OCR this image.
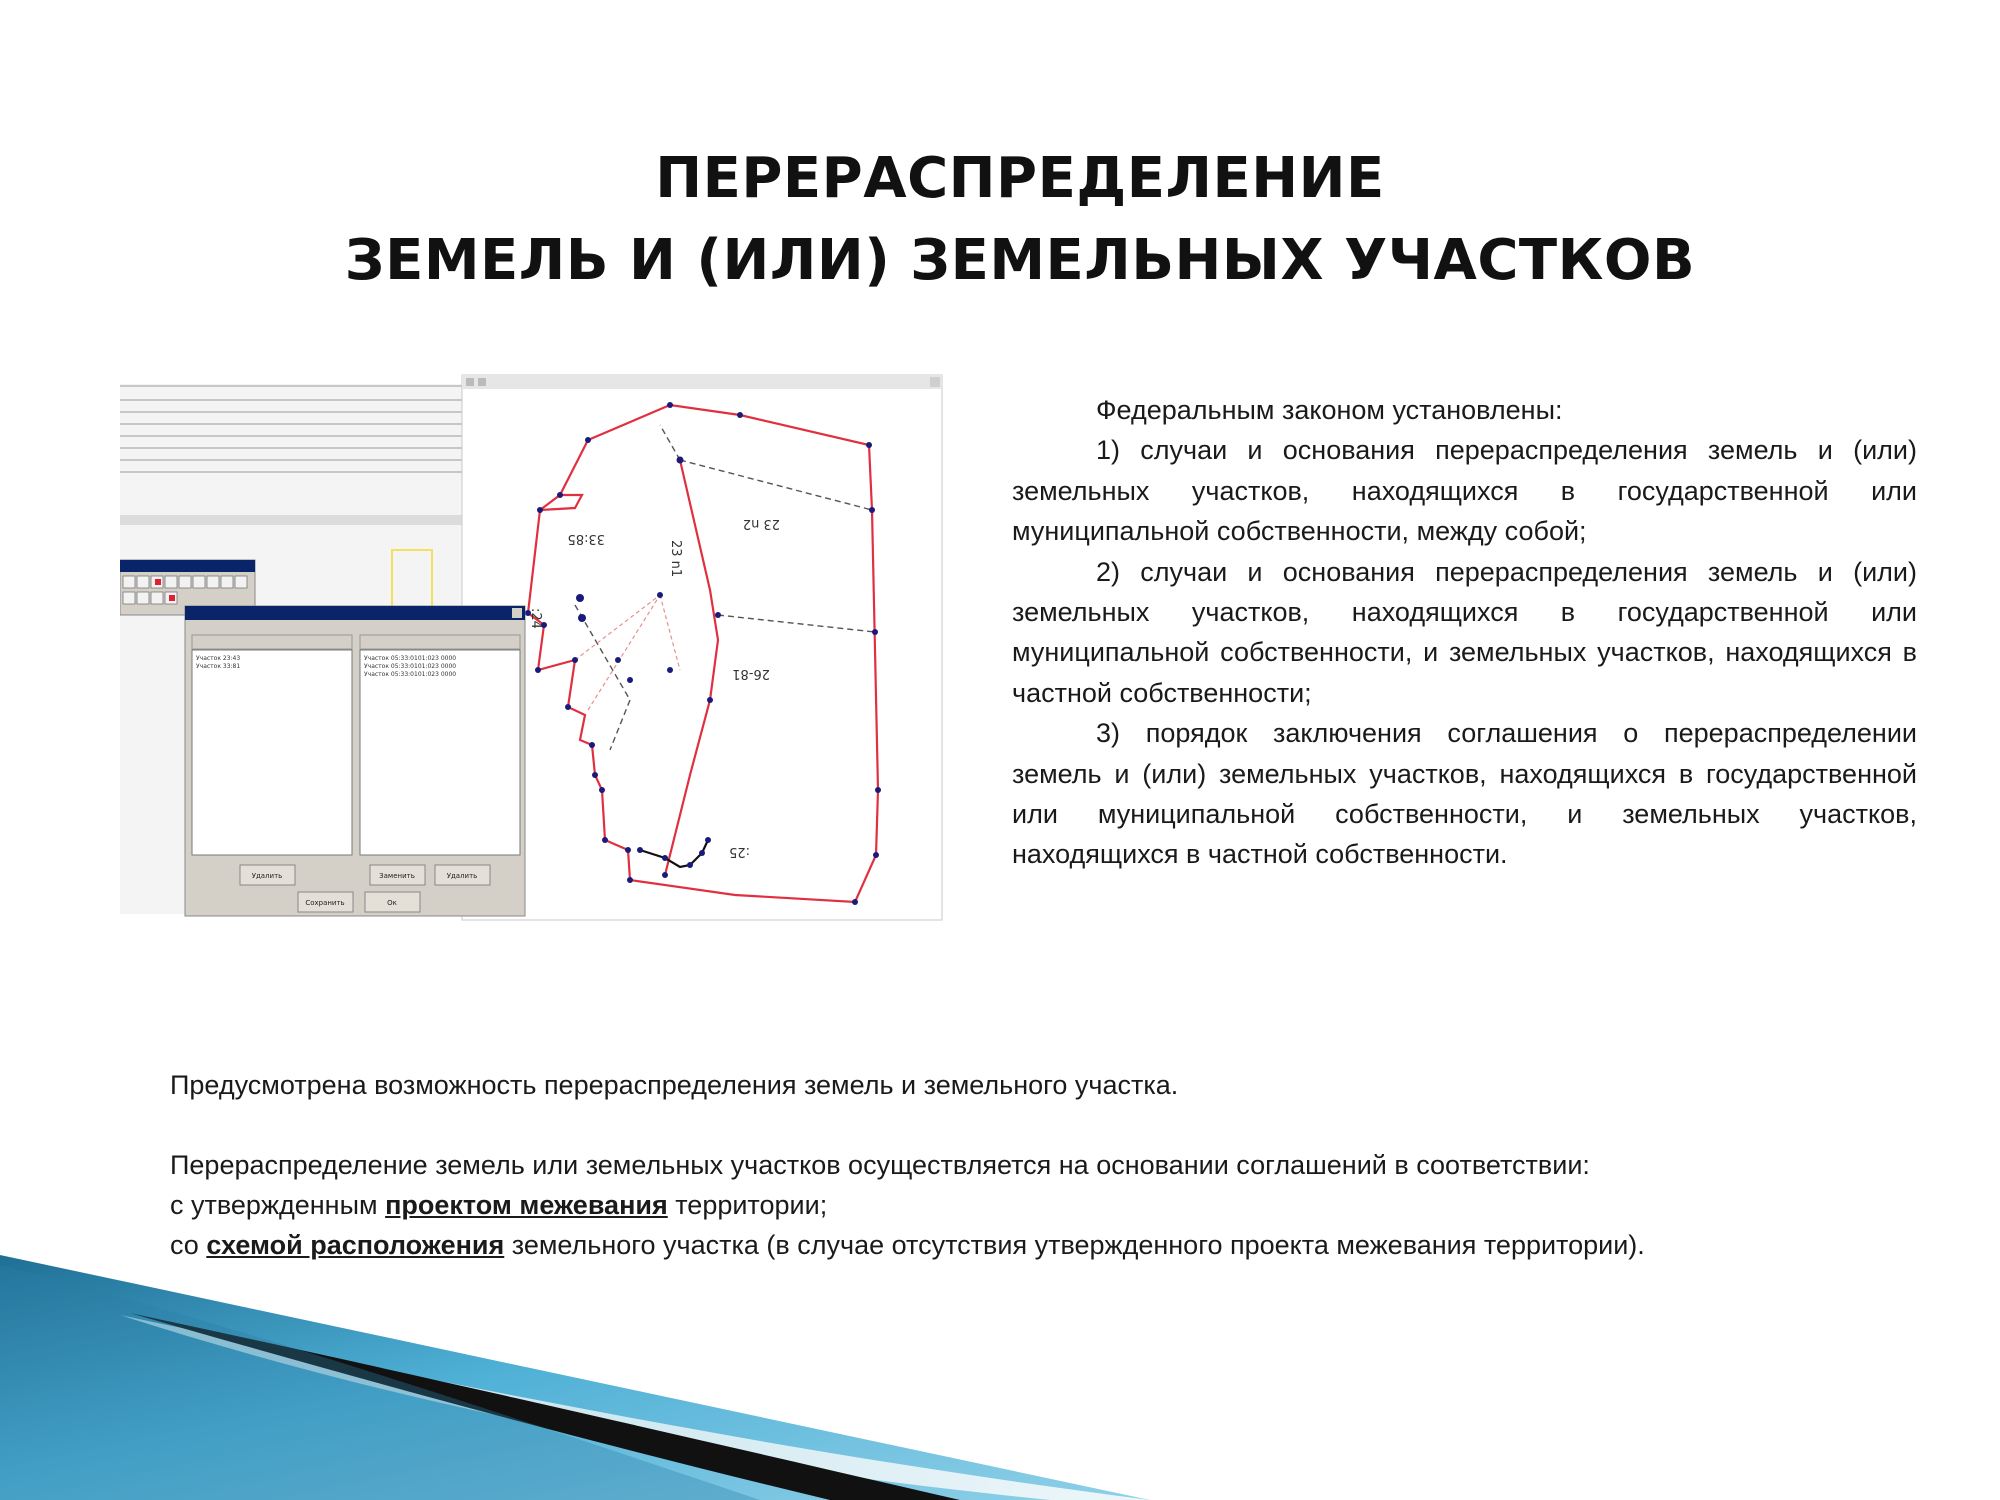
ПЕРЕРАСПРЕДЕЛЕНИЕ
ЗЕМЕЛЬ И (ИЛИ) ЗЕМЕЛЬНЫХ УЧАСТКОВ
33:85
23 n1
23 n2
26-81
:24
:25
Участок 23:43
Участок 33:81
Участок 05:33:0101:023 0000
Участок 05:33:0101:023 0000
Участок 05:33:0101:023 0000
Удалить	Заменить	Удалить
Сохранить	Ок

Федеральным законом установлены:

1) случаи и основания перераспределения земель и (или) земельных участков, находящихся в государственной или муниципальной собственности, между собой;

2) случаи и основания перераспределения земель и (или) земельных участков, находящихся в государственной или муниципальной собственности, и земельных участков, находящихся в частной собственности;

3) порядок заключения соглашения о перераспределении земель и (или) земельных участков, находящихся в государственной или муниципальной собственности, и земельных участков, находящихся в частной собственности.

Предусмотрена возможность перераспределения земель и земельного участка.

Перераспределение земель или земельных участков осуществляется на основании соглашений в соответствии:

с утвержденным проектом межевания территории;

со схемой расположения земельного участка (в случае отсутствия утвержденного проекта межевания территории).
